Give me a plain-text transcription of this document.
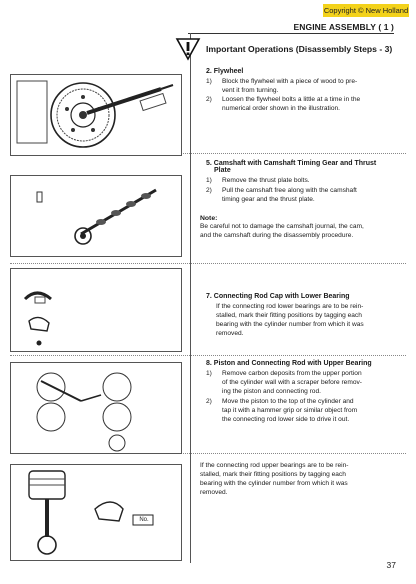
Copyright © New Holland
ENGINE ASSEMBLY ( 1 )
Important Operations (Disassembly Steps - 3)
2. Flywheel
1) Block the flywheel with a piece of wood to pre-
vent it from turning.
2) Loosen the flywheel bolts a little at a time in the
numerical order shown in the illustration.
5. Camshaft with Camshaft Timing Gear and Thrust
Plate
1) Remove the thrust plate bolts.
2) Pull the camshaft free along with the camshaft
timing gear and the thrust plate.
Note:
Be careful not to damage the camshaft journal, the cam,
and the camshaft during the disassembly procedure.
7. Connecting Rod Cap with Lower Bearing
If the connecting rod lower bearings are to be rein-
stalled, mark their fitting positions by tagging each
bearing with the cylinder number from which it was
removed.
8. Piston and Connecting Rod with Upper Bearing
1) Remove carbon deposits from the upper portion
of the cylinder wall with a scraper before remov-
ing the piston and connecting rod.
2) Move the piston to the top of the cylinder and
tap it with a hammer grip or similar object from
the connecting rod lower side to drive it out.
If the connecting rod upper bearings are to be rein-
stalled, mark their fitting positions by tagging each
bearing with the cylinder number from which it was
removed.
No.
37
